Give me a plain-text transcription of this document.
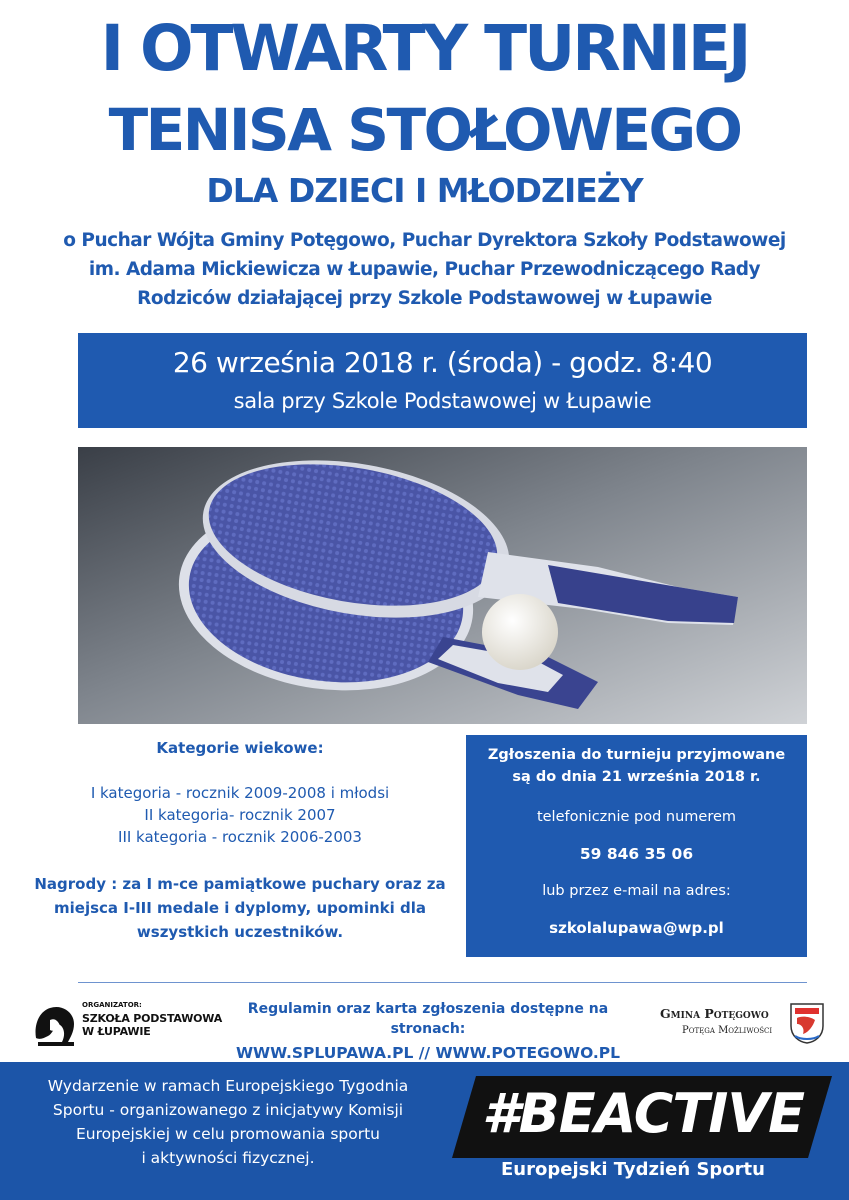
I OTWARTY TURNIEJ
TENISA STOŁOWEGO
DLA DZIECI I MŁODZIEŻY
o Puchar Wójta Gminy Potęgowo, Puchar Dyrektora Szkoły Podstawowej
im. Adama Mickiewicza w Łupawie, Puchar Przewodniczącego Rady
Rodziców działającej przy Szkole Podstawowej w Łupawie
26 września 2018 r. (środa) - godz. 8:40
sala przy Szkole Podstawowej w Łupawie
Kategorie wiekowe:
I kategoria - rocznik 2009-2008 i młodsi
II kategoria- rocznik 2007
III kategoria - rocznik 2006-2003
Nagrody : za I m-ce pamiątkowe puchary oraz za
miejsca I-III medale i dyplomy, upominki dla
wszystkich uczestników.
Zgłoszenia do turnieju przyjmowane
są do dnia 21 września 2018 r.
telefonicznie pod numerem
59 846 35 06
lub przez e-mail na adres:
szkolalupawa@wp.pl
ORGANIZATOR:
SZKOŁA PODSTAWOWA
W ŁUPAWIE
Regulamin oraz karta zgłoszenia dostępne na stronach:
WWW.SPLUPAWA.PL // WWW.POTEGOWO.PL
Gmina Potęgowo
Potęga Możliwości
Wydarzenie w ramach Europejskiego Tygodnia
Sportu - organizowanego z inicjatywy Komisji
Europejskiej w celu promowania sportu
i aktywności fizycznej.
#BEACTIVE
Europejski Tydzień Sportu
